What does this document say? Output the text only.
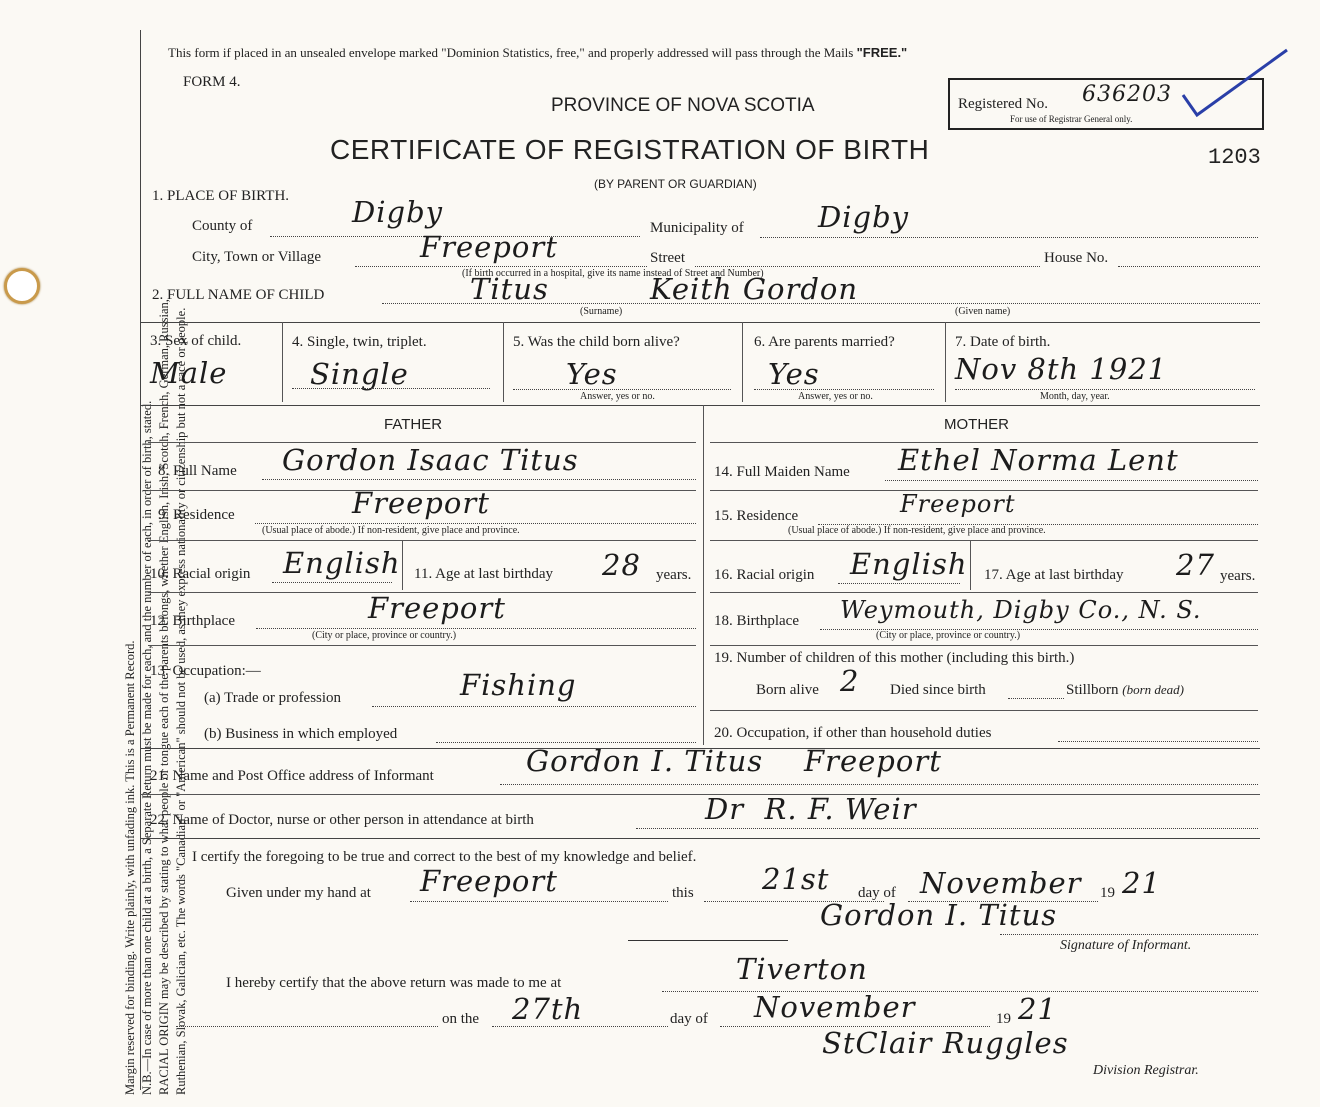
Margin reserved for binding. Write plainly, with unfading ink. This is a Permanent Record. N.B.—In case of more than one child at a birth, a Separate Return must be made for each, and the number of each, in order of birth, stated. RACIAL ORIGIN may be described by stating to what people or tongue each of the parents belongs, whether English, Irish, Scotch, French, German, Russian, Ruthenian, Slovak, Galician, etc. The words "Canadian" or "American" should not be used, as they express nationality or citizenship but not a race or people.
This form if placed in an unsealed envelope marked "Dominion Statistics, free," and properly addressed will pass through the Mails "FREE."
FORM 4.
PROVINCE OF NOVA SCOTIA
CERTIFICATE OF REGISTRATION OF BIRTH
(BY PARENT OR GUARDIAN)
Registered No. 636203
For use of Registrar General only.
1203
1. PLACE OF BIRTH.
County of	Digby	Municipality of	Digby
City, Town or Village	Freeport	Street	House No.
(If birth occurred in a hospital, give its name instead of Street and Number)
2. FULL NAME OF CHILD	Titus	Keith Gordon
(Surname)	(Given name)
3. Sex of child.
Male
4. Single, twin, triplet.
Single
5. Was the child born alive?
Yes
Answer, yes or no.
6. Are parents married?
Yes
Answer, yes or no.
7. Date of birth.
Nov 8th 1921
Month, day, year.
FATHER	MOTHER
8. Full Name Gordon Isaac Titus
9. Residence	Freeport
(Usual place of abode.) If non-resident, give place and province.
10. Racial origin English 11. Age at last birthday 28 years.
12. Birthplace	Freeport
(City or place, province or country.)
13. Occupation:—
(a) Trade or profession	Fishing
(b) Business in which employed
14. Full Maiden Name Ethel Norma Lent
15. Residence	Freeport
(Usual place of abode.) If non-resident, give place and province.
16. Racial origin English 17. Age at last birthday 27 years.
18. Birthplace Weymouth, Digby Co., N. S.
(City or place, province or country.)
19. Number of children of this mother (including this birth.)
Born alive 2 Died since birth	Stillborn (born dead)
20. Occupation, if other than household duties
21. Name and Post Office address of Informant	Gordon I. Titus    Freeport
22. Name of Doctor, nurse or other person in attendance at birth	Dr  R. F. Weir
I certify the foregoing to be true and correct to the best of my knowledge and belief.
Given under my hand at Freeport	this 21st day of November 19 21
Gordon I. Titus
Signature of Informant.
I hereby certify that the above return was made to me at	Tiverton
on the 27th	day of November	19 21
StClair Ruggles
Division Registrar.
